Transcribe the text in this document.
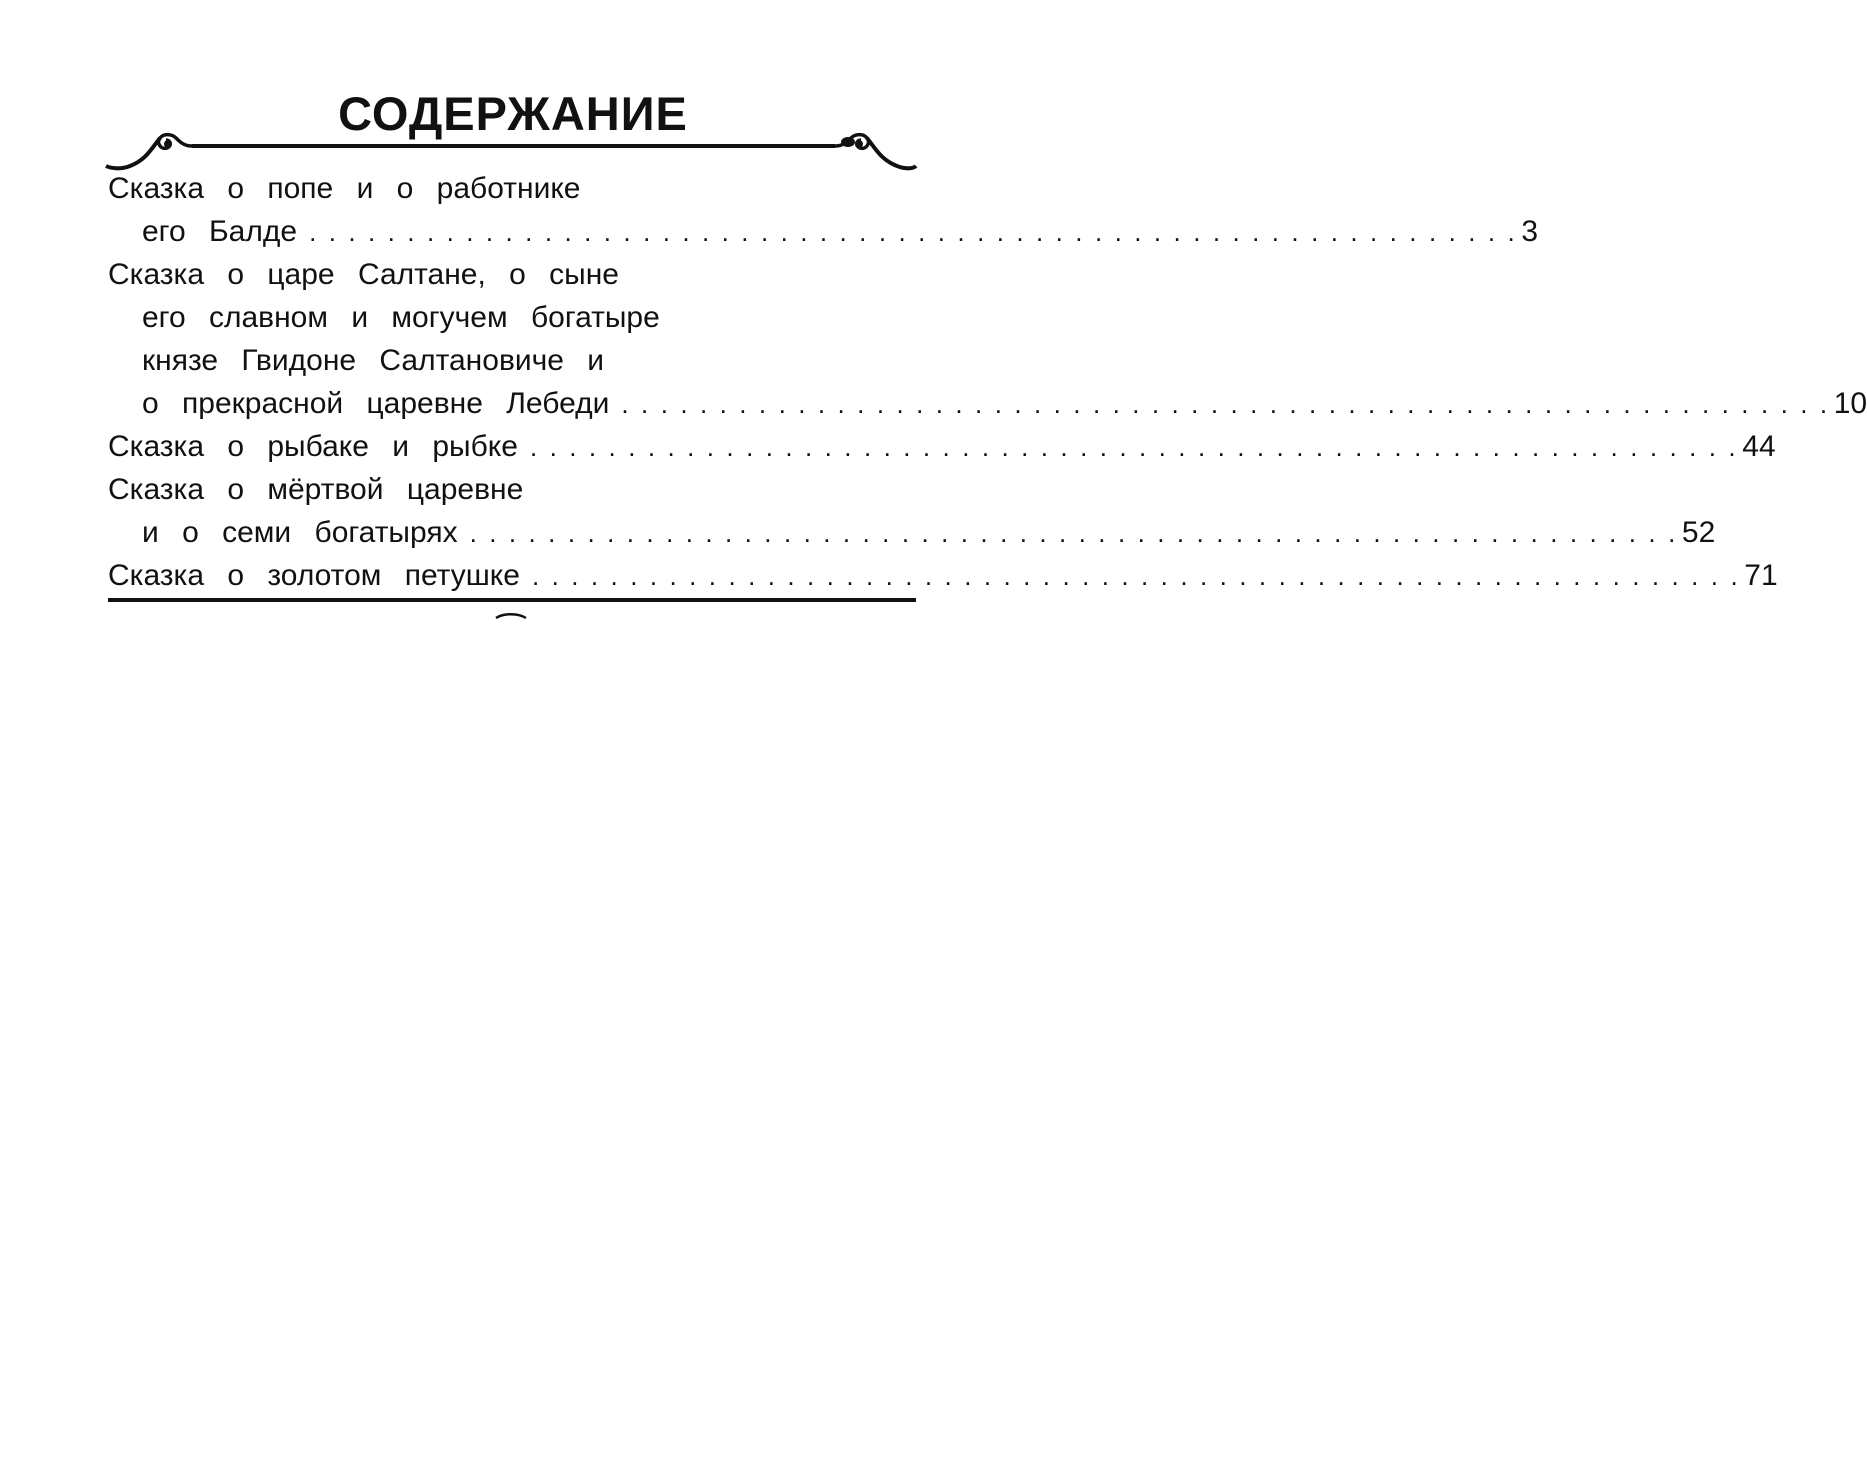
СОДЕРЖАНИЕ
Сказка о попе и о работнике
его Балде . . . . . . . . . . . . . . . . . . . . . . . . . . . . . . . . . . . . . . . . . . . . . . . . . . . . . . . . . . . . . . 3
Сказка о царе Салтане, о сыне
его славном и могучем богатыре
князе Гвидоне Салтановиче и
о прекрасной царевне Лебеди . . . . . . . . . . . . . . . . . . . . . . . . . . . . . . . . . . . . . . . . . . . . . . . . . . . . . . . . . . . . . . 10
Сказка о рыбаке и рыбке . . . . . . . . . . . . . . . . . . . . . . . . . . . . . . . . . . . . . . . . . . . . . . . . . . . . . . . . . . . . . . 44
Сказка о мёртвой царевне
и о семи богатырях . . . . . . . . . . . . . . . . . . . . . . . . . . . . . . . . . . . . . . . . . . . . . . . . . . . . . . . . . . . . . . 52
Сказка о золотом петушке . . . . . . . . . . . . . . . . . . . . . . . . . . . . . . . . . . . . . . . . . . . . . . . . . . . . . . . . . . . . . . 71
